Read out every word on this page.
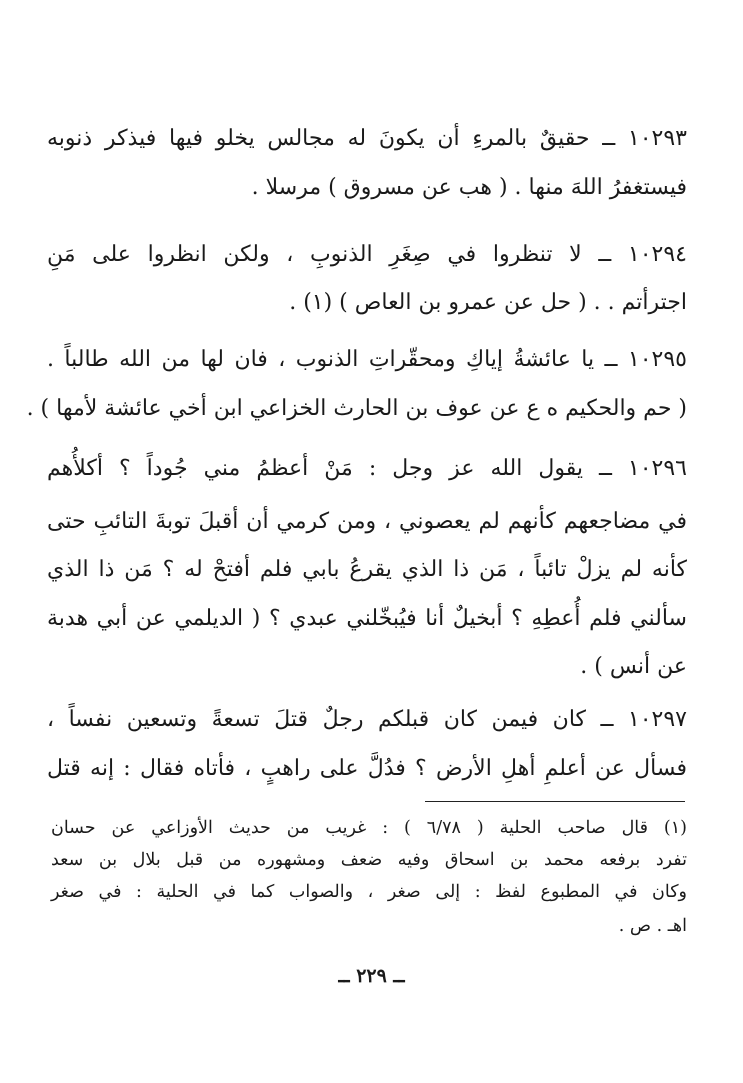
١٠٢٩٣ ــ حقيقٌ بالمرءِ أن يكونَ له مجالس يخلو فيها فيذكر ذنوبه
فيستغفرُ اللهَ منها . ( هب عن مسروق ) مرسلا .
١٠٢٩٤ ــ لا تنظروا في صِغَرِ الذنوبِ ، ولكن انظروا على مَنِ
اجترأتم . . ( حل عن عمرو بن العاص ) (١) .
١٠٢٩٥ ــ يا عائشةُ إياكِ ومحقّراتِ الذنوب ، فان لها من الله طالباً .
( حم والحكيم ه ع عن عوف بن الحارث الخزاعي ابن أخي عائشة لأمها ) .
١٠٢٩٦ ــ يقول الله عز وجل : مَنْ أعظمُ مني جُوداً ؟ أكلأُهم
في مضاجعهم كأنهم لم يعصوني ، ومن كرمي أن أقبلَ توبةَ التائبِ حتى
كأنه لم يزلْ تائباً ، مَن ذا الذي يقرعُ بابي فلم أفتحْ له ؟ مَن ذا الذي
سألني فلم أُعطِهِ ؟ أبخيلٌ أنا فيُبخّلني عبدي ؟ ( الديلمي عن أبي هدبة
عن أنس ) .
١٠٢٩٧ ــ كان فيمن كان قبلكم رجلٌ قتلَ تسعةً وتسعين نفساً ،
فسأل عن أعلمِ أهلِ الأرض ؟ فدُلَّ على راهبٍ ، فأتاه فقال : إنه قتل
(١) قال صاحب الحلية ( ٦/٧٨ ) : غريب من حديث الأوزاعي عن حسان
تفرد برفعه محمد بن اسحاق وفيه ضعف ومشهوره من قبل بلال بن سعد
وكان في المطبوع لفظ : إلى صغر ، والصواب كما في الحلية : في صغر
اهـ . ص .
ــ ٢٢٩ ــ
